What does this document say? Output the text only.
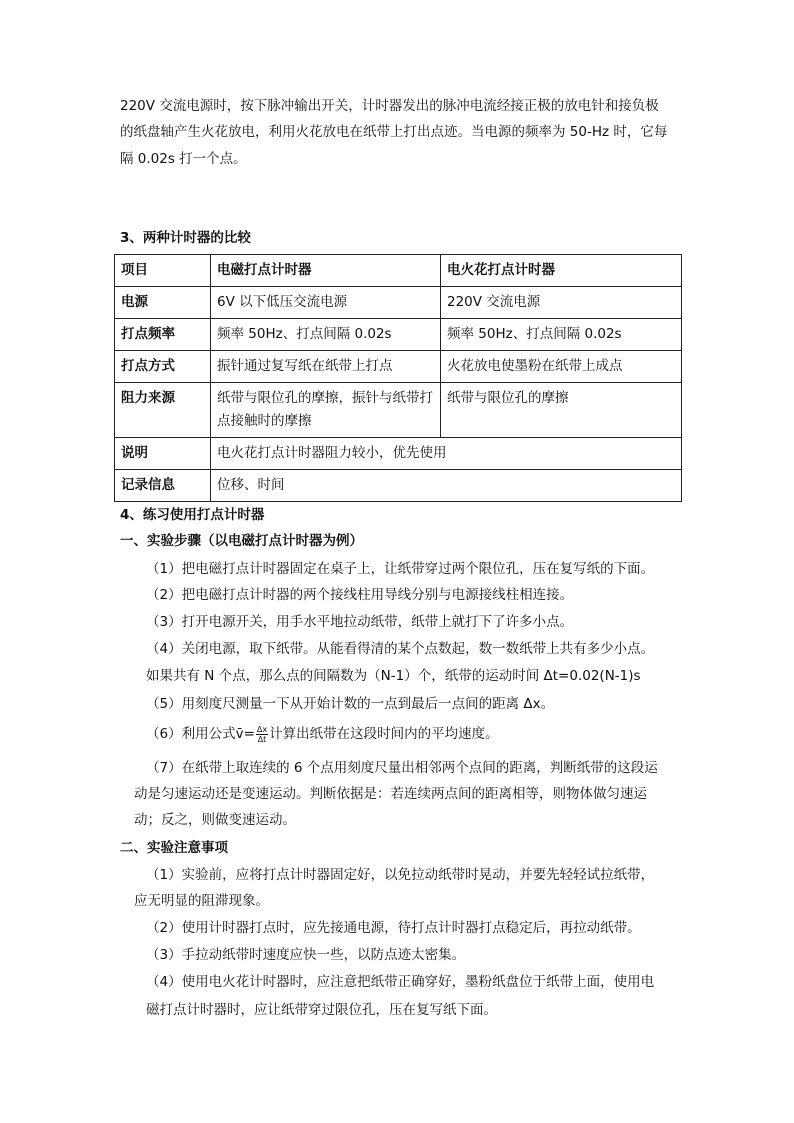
220V 交流电源时，按下脉冲输出开关，计时器发出的脉冲电流经接正极的放电针和接负极
的纸盘轴产生火花放电，利用火花放电在纸带上打出点迹。当电源的频率为 50-Hz 时，它每
隔 0.02s 打一个点。
3、两种计时器的比较
项目	电磁打点计时器	电火花打点计时器
电源	6V 以下低压交流电源	220V 交流电源
打点频率	频率 50Hz、打点间隔 0.02s	频率 50Hz、打点间隔 0.02s
打点方式	振针通过复写纸在纸带上打点	火花放电使墨粉在纸带上成点
阻力来源	纸带与限位孔的摩擦，振针与纸带打点接触时的摩擦	纸带与限位孔的摩擦
说明	电火花打点计时器阻力较小，优先使用	
记录信息	位移、时间	
4、练习使用打点计时器
一、实验步骤（以电磁打点计时器为例）
（1）把电磁打点计时器固定在桌子上，让纸带穿过两个限位孔，压在复写纸的下面。
（2）把电磁打点计时器的两个接线柱用导线分别与电源接线柱相连接。
（3）打开电源开关，用手水平地拉动纸带，纸带上就打下了许多小点。
（4）关闭电源，取下纸带。从能看得清的某个点数起，数一数纸带上共有多少小点。
如果共有 N 个点，那么点的间隔数为（N-1）个，纸带的运动时间 Δt=0.02(N-1)s
（5）用刻度尺测量一下从开始计数的一点到最后一点间的距离 Δx。
（6）利用公式v̄= $\frac{\Delta x}{\Delta t}$ 计算出纸带在这段时间内的平均速度。
（7）在纸带上取连续的 6 个点用刻度尺量出相邻两个点间的距离，判断纸带的这段运
动是匀速运动还是变速运动。判断依据是：若连续两点间的距离相等，则物体做匀速运
动；反之，则做变速运动。
二、实验注意事项
（1）实验前，应将打点计时器固定好，以免拉动纸带时晃动，并要先轻轻试拉纸带，
应无明显的阻滞现象。
（2）使用计时器打点时，应先接通电源，待打点计时器打点稳定后，再拉动纸带。
（3）手拉动纸带时速度应快一些，以防点迹太密集。
（4）使用电火花计时器时，应注意把纸带正确穿好，墨粉纸盘位于纸带上面，使用电
磁打点计时器时，应让纸带穿过限位孔，压在复写纸下面。
